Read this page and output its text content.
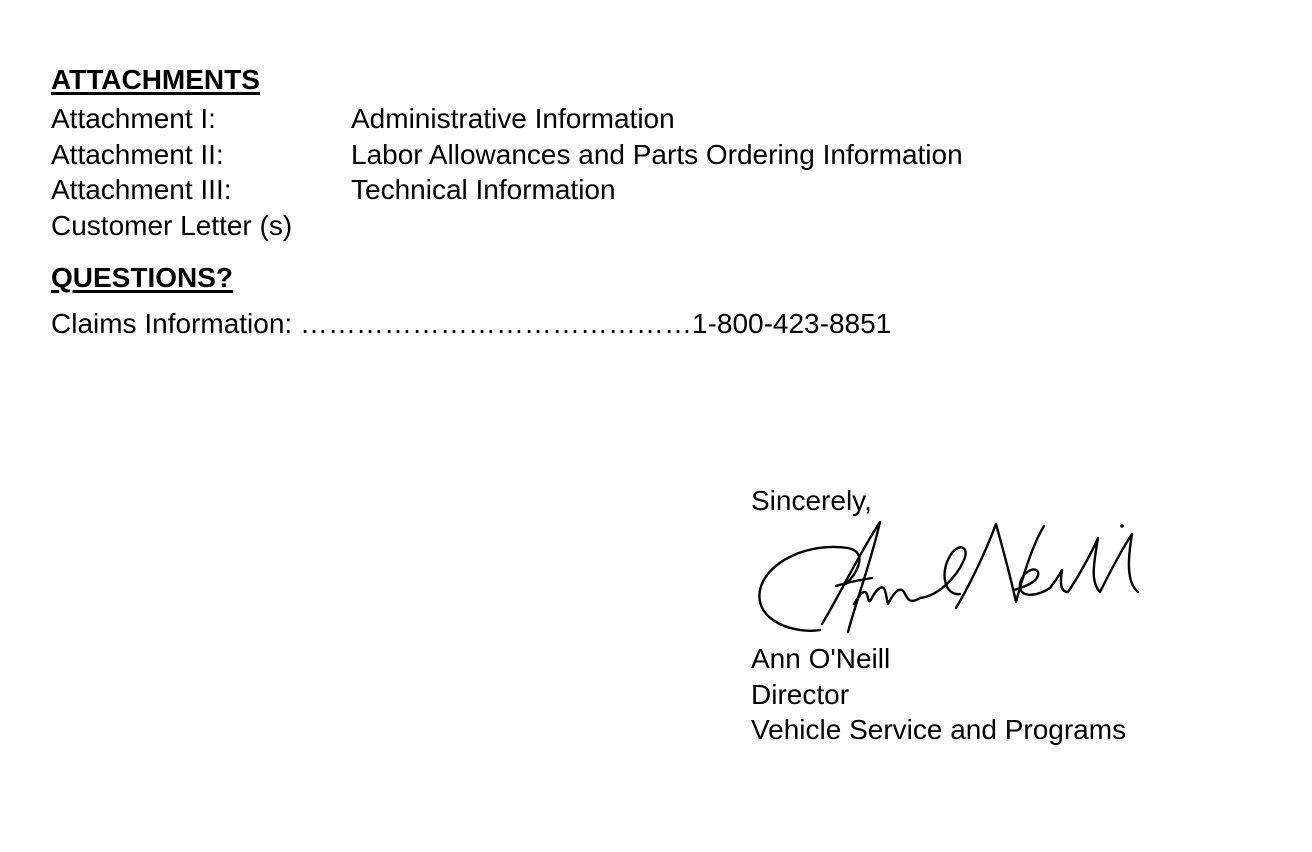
ATTACHMENTS
Attachment I:	Administrative Information
Attachment II:	Labor Allowances and Parts Ordering Information
Attachment III:	Technical Information
Customer Letter (s)
QUESTIONS?
Claims Information: ……………………………………1-800-423-8851
Sincerely,
Ann O'Neill
Director
Vehicle Service and Programs
